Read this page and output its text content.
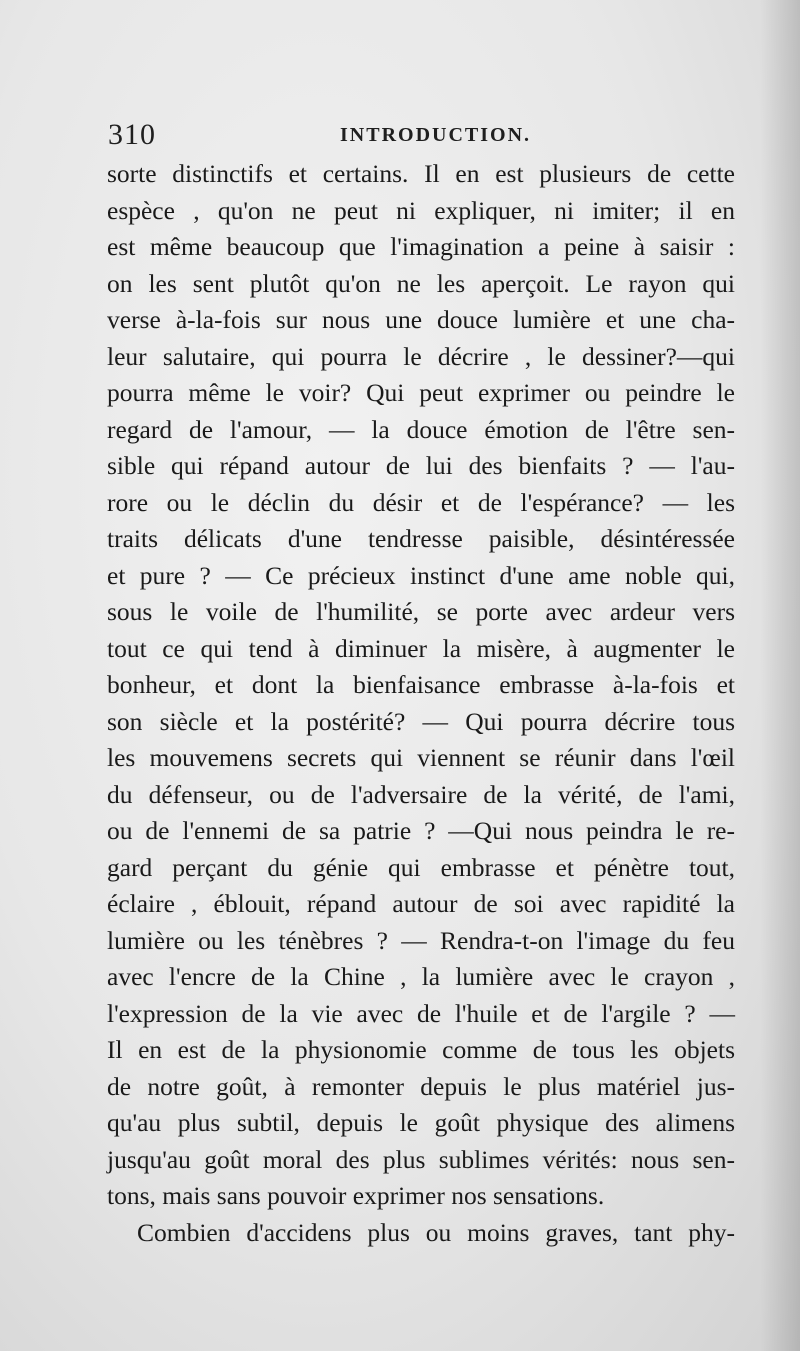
310	INTRODUCTION.
sorte distinctifs et certains. Il en est plusieurs de cette
espèce , qu'on ne peut ni expliquer, ni imiter; il en
est même beaucoup que l'imagination a peine à saisir :
on les sent plutôt qu'on ne les aperçoit. Le rayon qui
verse à-la-fois sur nous une douce lumière et une cha-
leur salutaire, qui pourra le décrire , le dessiner?—qui
pourra même le voir? Qui peut exprimer ou peindre le
regard de l'amour, — la douce émotion de l'être sen-
sible qui répand autour de lui des bienfaits ? — l'au-
rore ou le déclin du désir et de l'espérance? — les
traits délicats d'une tendresse paisible, désintéressée
et pure ? — Ce précieux instinct d'une ame noble qui,
sous le voile de l'humilité, se porte avec ardeur vers
tout ce qui tend à diminuer la misère, à augmenter le
bonheur, et dont la bienfaisance embrasse à-la-fois et
son siècle et la postérité? — Qui pourra décrire tous
les mouvemens secrets qui viennent se réunir dans l'œil
du défenseur, ou de l'adversaire de la vérité, de l'ami,
ou de l'ennemi de sa patrie ? —Qui nous peindra le re-
gard perçant du génie qui embrasse et pénètre tout,
éclaire , éblouit, répand autour de soi avec rapidité la
lumière ou les ténèbres ? — Rendra-t-on l'image du feu
avec l'encre de la Chine , la lumière avec le crayon ,
l'expression de la vie avec de l'huile et de l'argile ? —
Il en est de la physionomie comme de tous les objets
de notre goût, à remonter depuis le plus matériel jus-
qu'au plus subtil, depuis le goût physique des alimens
jusqu'au goût moral des plus sublimes vérités: nous sen-
tons, mais sans pouvoir exprimer nos sensations.
Combien d'accidens plus ou moins graves, tant phy-
